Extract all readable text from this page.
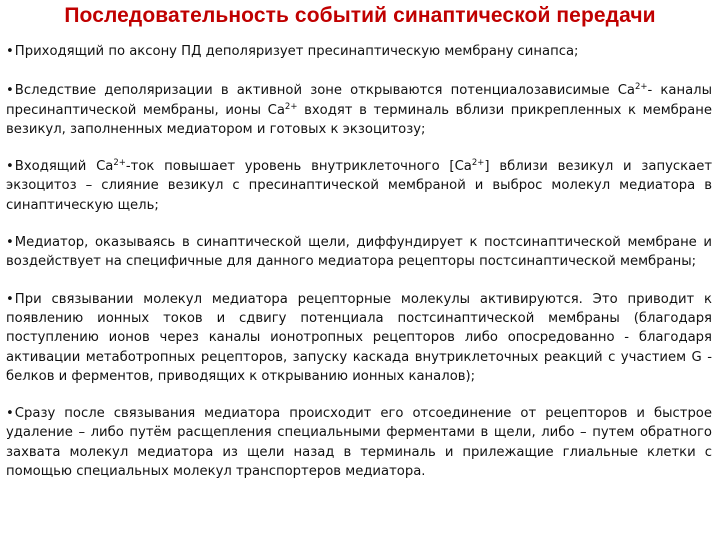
Последовательность событий синаптической передачи

•Приходящий по аксону ПД деполяризует пресинаптическую мембрану синапса;

•Вследствие деполяризации в активной зоне открываются потенциалозависимые $Са^{2+}-$ каналы пресинаптической мембраны, ионы $Са^{2+}$ входят в терминаль вблизи прикрепленных к мембране везикул, заполненных медиатором и готовых к экзоцитозу;

•Входящий $Са^{2+}$-ток повышает уровень внутриклеточного $[Са^{2+}]$ вблизи везикул и запускает экзоцитоз – слияние везикул с пресинаптической мембраной и выброс молекул медиатора в синаптическую щель;

•Медиатор, оказываясь в синаптической щели, диффундирует к постсинаптической мембране и воздействует на специфичные для данного медиатора рецепторы постсинаптической мембраны;

•При связывании молекул медиатора рецепторные молекулы активируются. Это приводит к появлению ионных токов и сдвигу потенциала постсинаптической мембраны (благодаря поступлению ионов через каналы ионотропных рецепторов либо опосредованно - благодаря активации метаботропных рецепторов, запуску каскада внутриклеточных реакций с участием G - белков и ферментов, приводящих к открыванию ионных каналов);

•Сразу после связывания медиатора происходит его отсоединение от рецепторов и быстрое удаление – либо путём расщепления специальными ферментами в щели, либо – путем обратного захвата молекул медиатора из щели назад в терминаль и прилежащие глиальные клетки с помощью специальных молекул транспортеров медиатора.
